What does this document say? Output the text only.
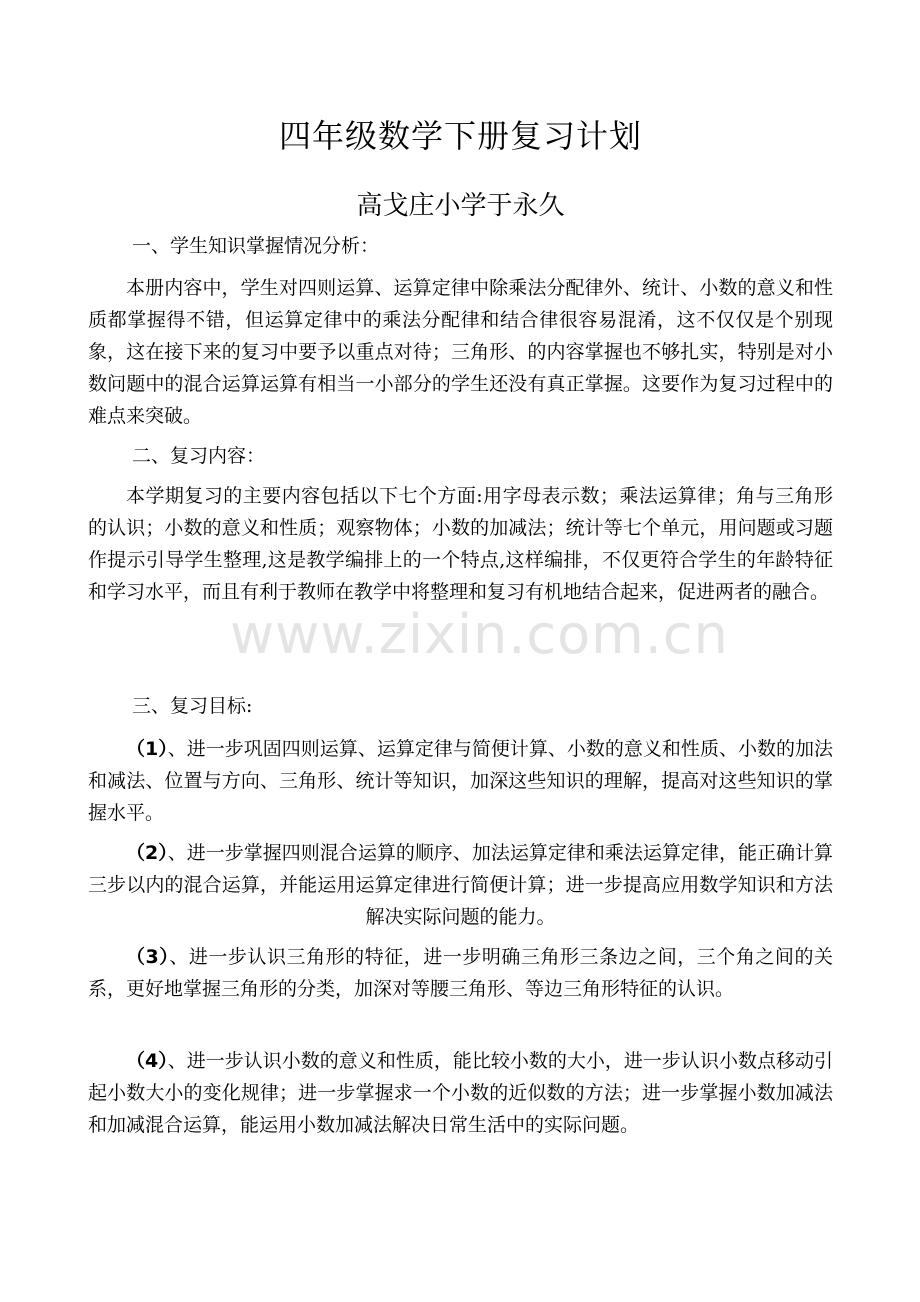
www.zixin.com.cn
四年级数学下册复习计划
高戈庄小学于永久
一、学生知识掌握情况分析：
本册内容中，学生对四则运算、运算定律中除乘法分配律外、统计、小数的意义和性质都掌握得不错，但运算定律中的乘法分配律和结合律很容易混淆，这不仅仅是个别现象，这在接下来的复习中要予以重点对待；三角形、的内容掌握也不够扎实，特别是对小数问题中的混合运算运算有相当一小部分的学生还没有真正掌握。这要作为复习过程中的难点来突破。
二、复习内容：
本学期复习的主要内容包括以下七个方面:用字母表示数；乘法运算律；角与三角形的认识；小数的意义和性质；观察物体；小数的加减法；统计等七个单元，用问题或习题作提示引导学生整理,这是教学编排上的一个特点,这样编排，不仅更符合学生的年龄特征和学习水平，而且有利于教师在教学中将整理和复习有机地结合起来，促进两者的融合。
三、复习目标:
（1）、进一步巩固四则运算、运算定律与简便计算、小数的意义和性质、小数的加法和减法、位置与方向、三角形、统计等知识，加深这些知识的理解，提高对这些知识的掌握水平。
（2）、进一步掌握四则混合运算的顺序、加法运算定律和乘法运算定律，能正确计算三步以内的混合运算，并能运用运算定律进行简便计算；进一步提高应用数学知识和方法解决实际问题的能力。
（3）、进一步认识三角形的特征，进一步明确三角形三条边之间，三个角之间的关系，更好地掌握三角形的分类，加深对等腰三角形、等边三角形特征的认识。
（4）、进一步认识小数的意义和性质，能比较小数的大小，进一步认识小数点移动引起小数大小的变化规律；进一步掌握求一个小数的近似数的方法；进一步掌握小数加减法和加减混合运算，能运用小数加减法解决日常生活中的实际问题。
